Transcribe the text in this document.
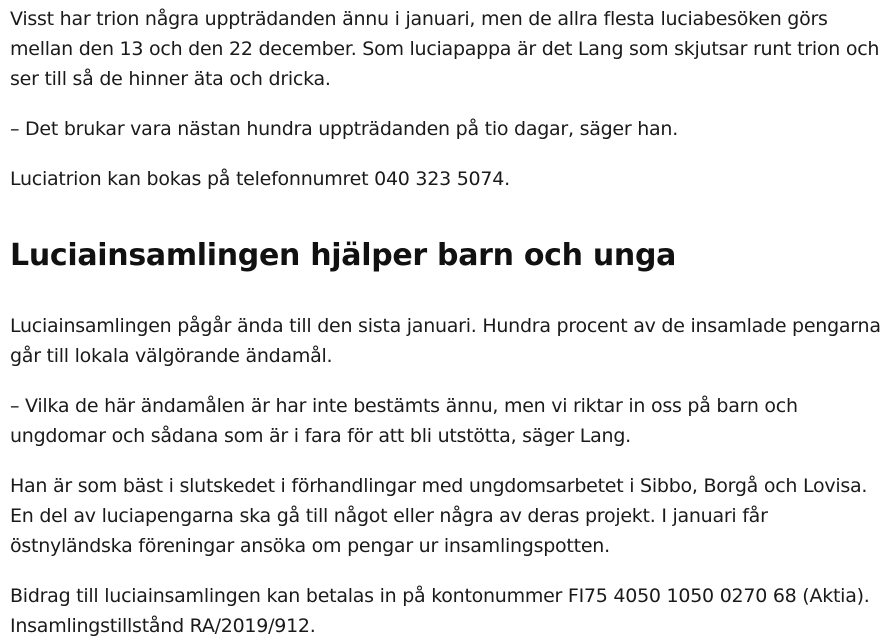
Visst har trion några uppträdanden ännu i januari, men de allra flesta luciabesöken görs mellan den 13 och den 22 december. Som luciapappa är det Lang som skjutsar runt trion och ser till så de hinner äta och dricka.

– Det brukar vara nästan hundra uppträdanden på tio dagar, säger han.

Luciatrion kan bokas på telefonnumret 040 323 5074.

Luciainsamlingen hjälper barn och unga

Luciainsamlingen pågår ända till den sista januari. Hundra procent av de insamlade pengarna går till lokala välgörande ändamål.

– Vilka de här ändamålen är har inte bestämts ännu, men vi riktar in oss på barn och ungdomar och sådana som är i fara för att bli utstötta, säger Lang.

Han är som bäst i slutskedet i förhandlingar med ungdomsarbetet i Sibbo, Borgå och Lovisa. En del av luciapengarna ska gå till något eller några av deras projekt. I januari får östnyländska föreningar ansöka om pengar ur insamlingspotten.

Bidrag till luciainsamlingen kan betalas in på kontonummer FI75 4050 1050 0270 68 (Aktia). Insamlingstillstånd RA/2019/912.
